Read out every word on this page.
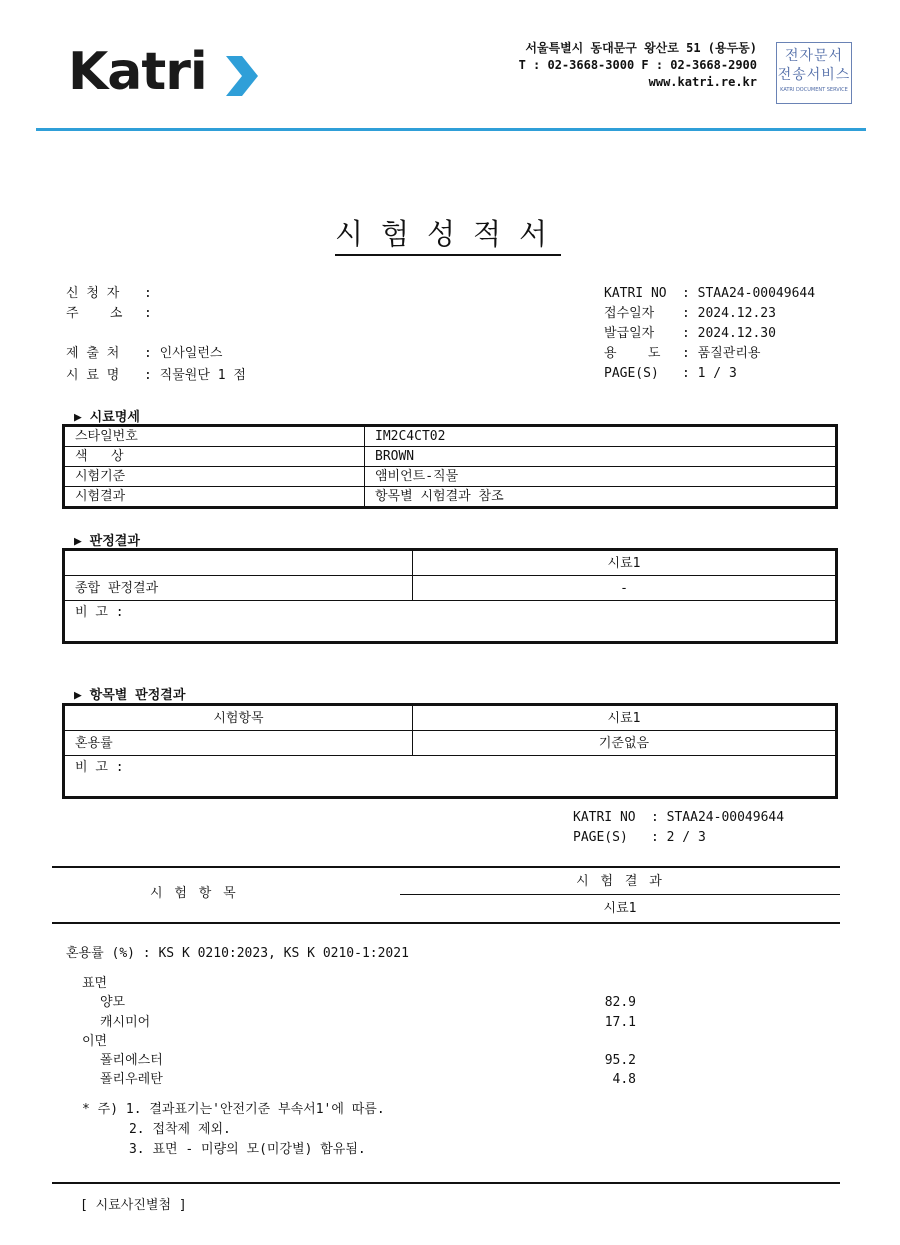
Katri	서울특별시 동대문구 왕산로 51 (용두동)
T : 02-3668-3000 F : 02-3668-2900
www.katri.re.kr
전자문서
전송서비스
KATRI DOCUMENT SERVICE
시험성적서
신 청 자 :
주    소 :
제 출 처 : 인사일런스
시 료 명 : 직물원단 1 점
KATRI NO : STAA24-00049644
접수일자 : 2024.12.23
발급일자 : 2024.12.30
용    도 : 품질관리용
PAGE(S) : 1 / 3
▶ 시료명세
스타일번호	IM2C4CT02
색   상	BROWN
시험기준	앰비언트-직물
시험결과	항목별 시험결과 참조
▶ 판정결과
	시료1
종합 판정결과	-
비 고 :	
▶ 항목별 판정결과
시험항목	시료1
혼용률	기준없음
비 고 :	
KATRI NO : STAA24-00049644
PAGE(S) : 2 / 3
시 험 항 목
시 험 결 과
시료1
혼용률 (%) : KS K 0210:2023, KS K 0210-1:2021
표면
양모	82.9
캐시미어	17.1
이면
폴리에스터	95.2
폴리우레탄	4.8
* 주) 1. 결과표기는'안전기준 부속서1'에 따름.
2. 접착제 제외.
3. 표면 - 미량의 모(미강별) 함유됨.
[ 시료사진별첨 ]
